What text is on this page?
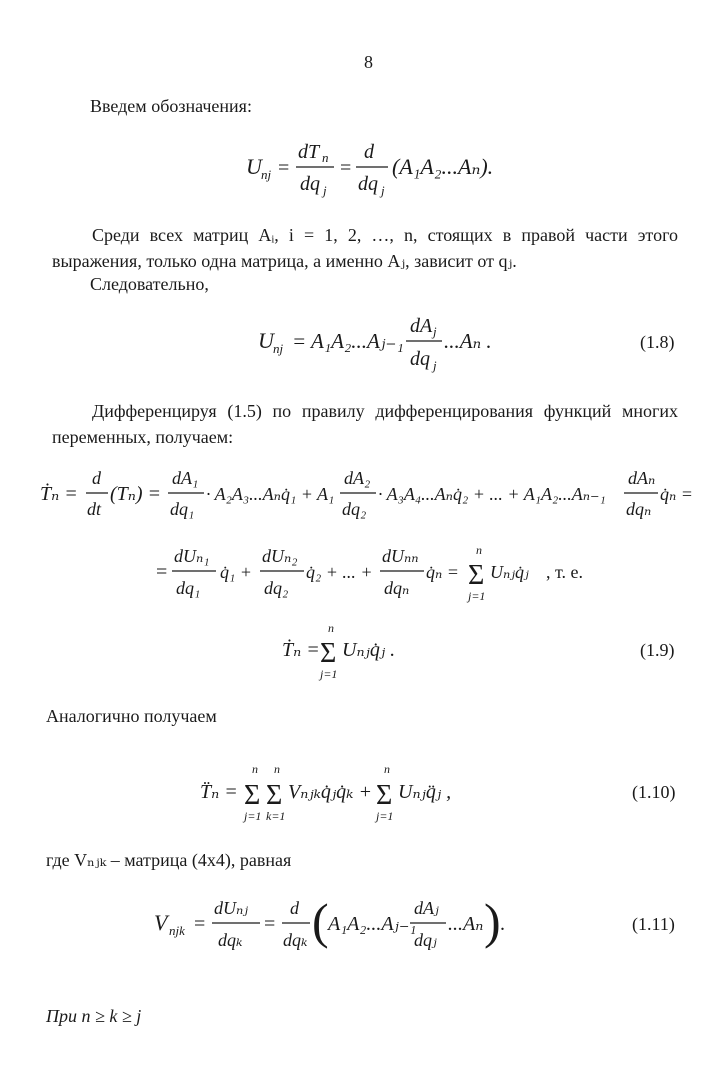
8
Введем обозначения:
U nj =
dT n
dq j
=
d
dq j
(A₁A₂...Aₙ).
Среди всех матриц Aᵢ, i = 1, 2, …, n, стоящих в правой части этого выражения, только одна матрица, а именно Aⱼ, зависит от qⱼ.
Следовательно,
U nj = A₁A₂...Aⱼ₋₁
dA j
dq j
...Aₙ .	(1.8)
Дифференцируя (1.5) по правилу дифференцирования функций многих переменных, получаем:
Ṫₙ =
d
dt
(Tₙ) =
dA₁
dq₁
· A₂A₃...Aₙq̇₁ + A₁
dA₂
dq₂
· A₃A₄...Aₙq̇₂ + ... + A₁A₂...Aₙ₋₁
dAₙ
dqₙ
q̇ₙ =
=
dUₙ₁
dq₁
q̇₁ +
dUₙ₂
dq₂
q̇₂ + ... +
dUₙₙ
dqₙ
q̇ₙ =
n
Σ
j=1
Uₙⱼq̇ⱼ , т. е.
Ṫₙ =
n
Σ
j=1
Uₙⱼq̇ⱼ .	(1.9)
Аналогично получаем
T̈ₙ =
n
Σ
j=1
n
Σ
k=1
Vₙⱼₖq̇ⱼq̇ₖ +
n
Σ
j=1
Uₙⱼq̈ⱼ ,	(1.10)
где Vₙⱼₖ – матрица (4x4), равная
V njk =
dUₙⱼ
dqₖ
=
d
dqₖ ( A₁A₂...Aⱼ₋₁
dAⱼ
dqⱼ
...Aₙ ) .	(1.11)
При n ≥ k ≥ j
